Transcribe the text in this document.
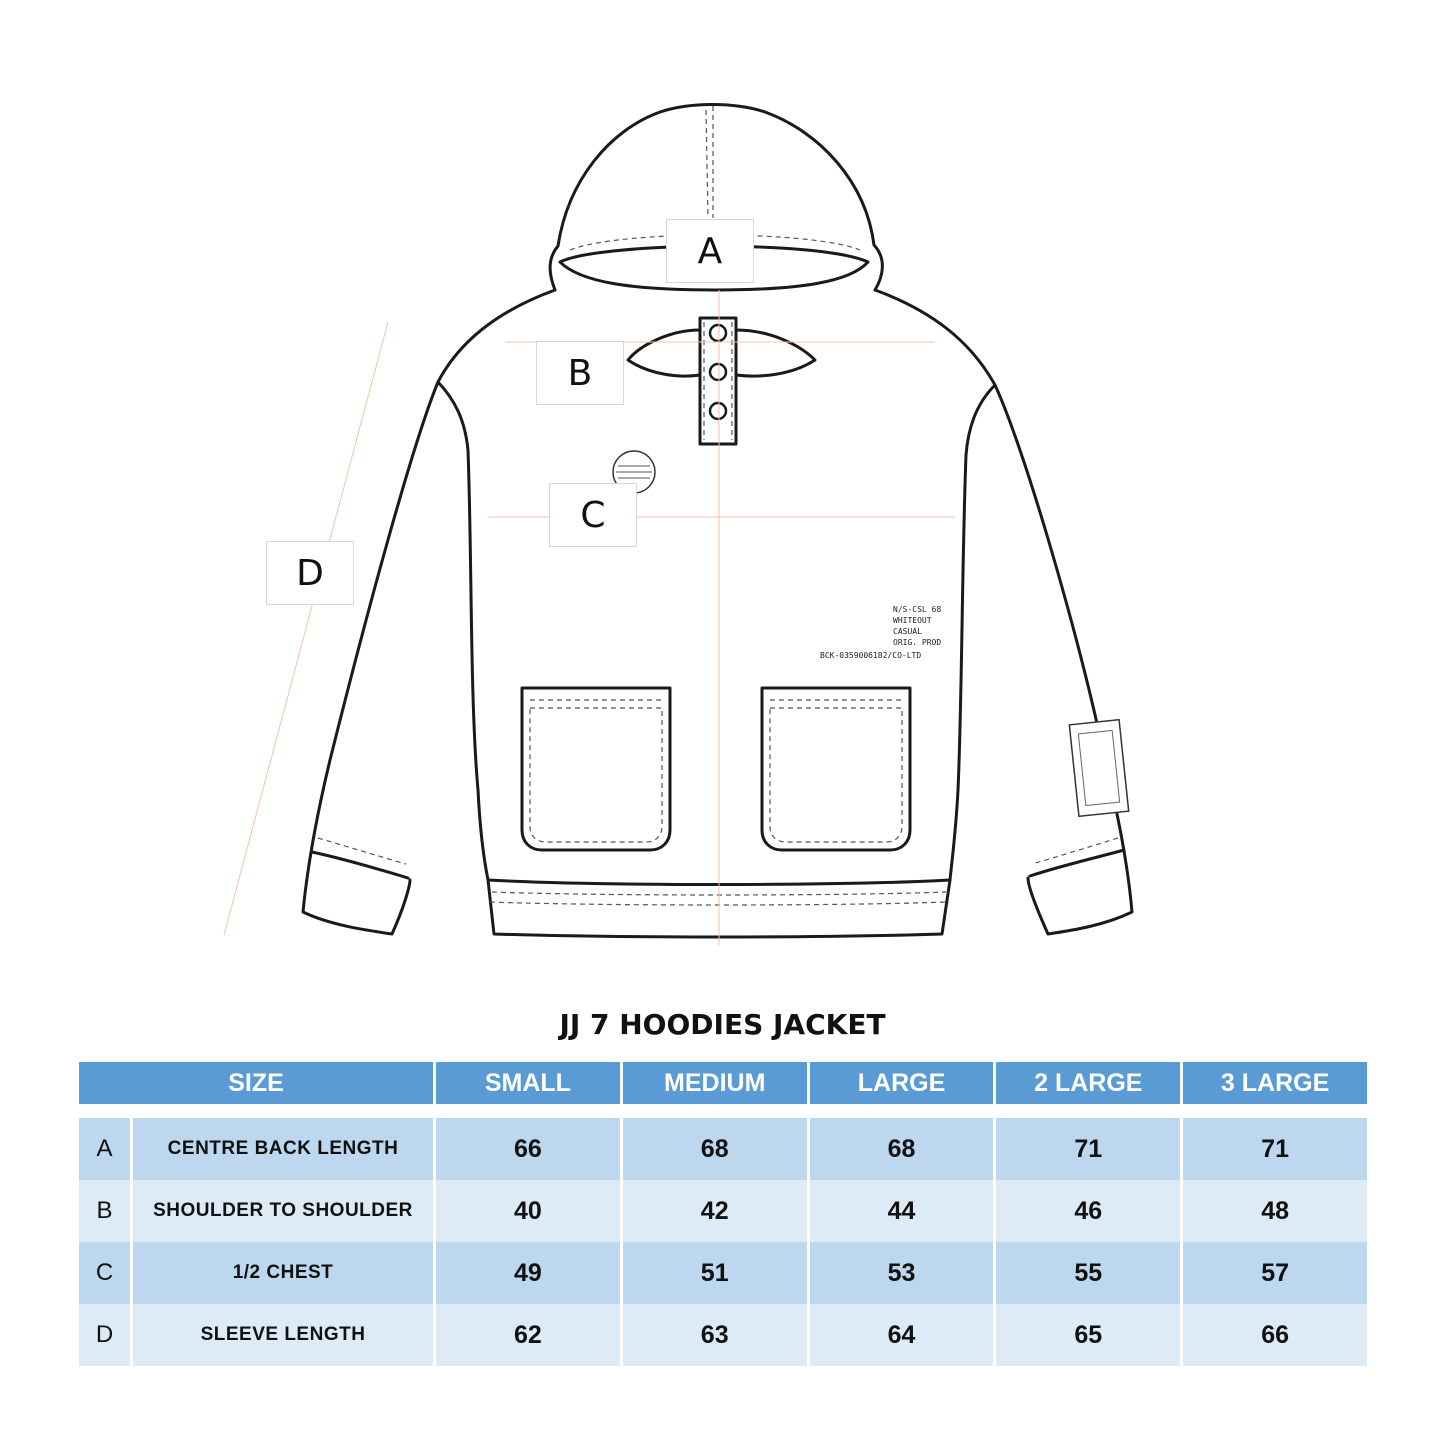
N/S-CSL 68
WHITEOUT
CASUAL
ORIG. PROD
BCK-0359006182/CO-LTD
A
B
C
D
JJ 7 HOODIES JACKET
SIZE		SMALL	MEDIUM	LARGE	2 LARGE	3 LARGE

A	CENTRE BACK LENGTH	66	68	68	71	71
B	SHOULDER TO SHOULDER	40	42	44	46	48
C	1/2 CHEST	49	51	53	55	57
D	SLEEVE LENGTH	62	63	64	65	66
